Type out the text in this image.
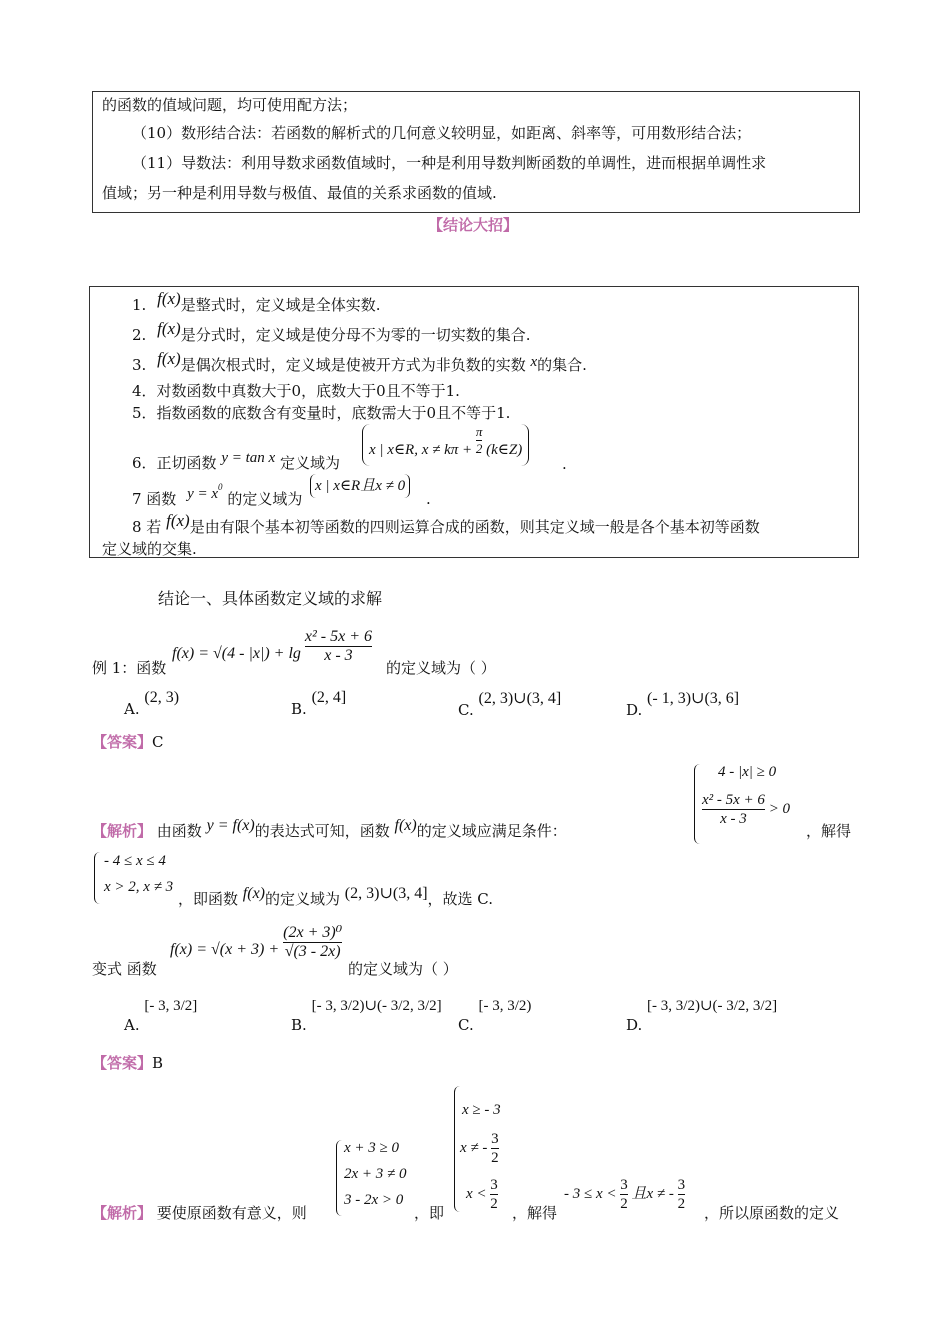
的函数的值域问题，均可使用配方法；
（10）数形结合法：若函数的解析式的几何意义较明显，如距离、斜率等，可用数形结合法；
（11）导数法：利用导数求函数值域时，一种是利用导数判断函数的单调性，进而根据单调性求
值域；另一种是利用导数与极值、最值的关系求函数的值域.
【结论大招】
1. f(x)是整式时，定义域是全体实数.
2. f(x)是分式时，定义域是使分母不为零的一切实数的集合.
3. f(x)是偶次根式时，定义域是使被开方式为非负数的实数 x的集合.
4．对数函数中真数大于0，底数大于0且不等于1.
5．指数函数的底数含有变量时，底数需大于0且不等于1.
6．正切函数 y = tan x 定义域为
x | x∈R, $x \ne k\pi + \frac{\pi}{2}$ (k∈Z)
.
7 函数 $y = x^0$ 的定义域为
x | x∈R且x ≠ 0
.
8 若 f(x)是由有限个基本初等函数的四则运算合成的函数，则其定义域一般是各个基本初等函数
定义域的交集.
结论一、具体函数定义域的求解
例 1：函数
$f(x) = √(4 - |x|) + \lg \frac{\text{x² - 5x + 6}}{x - 3}$
的定义域为（ ）
A. (2, 3)
B. (2, 4]
C. (2, 3)∪(3, 4]
D. (- 1, 3)∪(3, 6]
【答案】C
【解析】 由函数 y = f(x)的表达式可知，函数 f(x)的定义域应满足条件：
4 - |x| ≥ 0
$\frac{\text{x² - 5x + 6}}{x - 3} > 0$
，解得
- 4 ≤ x ≤ 4
x > 2, x ≠ 3
，即函数 f(x)的定义域为 (2, 3)∪(3, 4]，故选 C.
变式 函数
$f(x) = √(x + 3) + \frac{\text{(2x + 3)⁰}}{√(3 - 2x)}$
的定义域为（ ）
A. [- 3, 3/2]
B. [- 3, 3/2)∪(- 3/2, 3/2]
C. [- 3, 3/2)
D. [- 3, 3/2)∪(- 3/2, 3/2]
【答案】B
【解析】 要使原函数有意义，则
x + 3 ≥ 0
2x + 3 ≠ 0
3 - 2x > 0
，即
x ≥ - 3
x ≠ - $\frac{3}{2}$
$x < \frac{3}{2}$ ，解得
- $3 \le x < \frac{3}{2}$ 且x ≠ - $\frac{3}{2}$ ，所以原函数的定义
